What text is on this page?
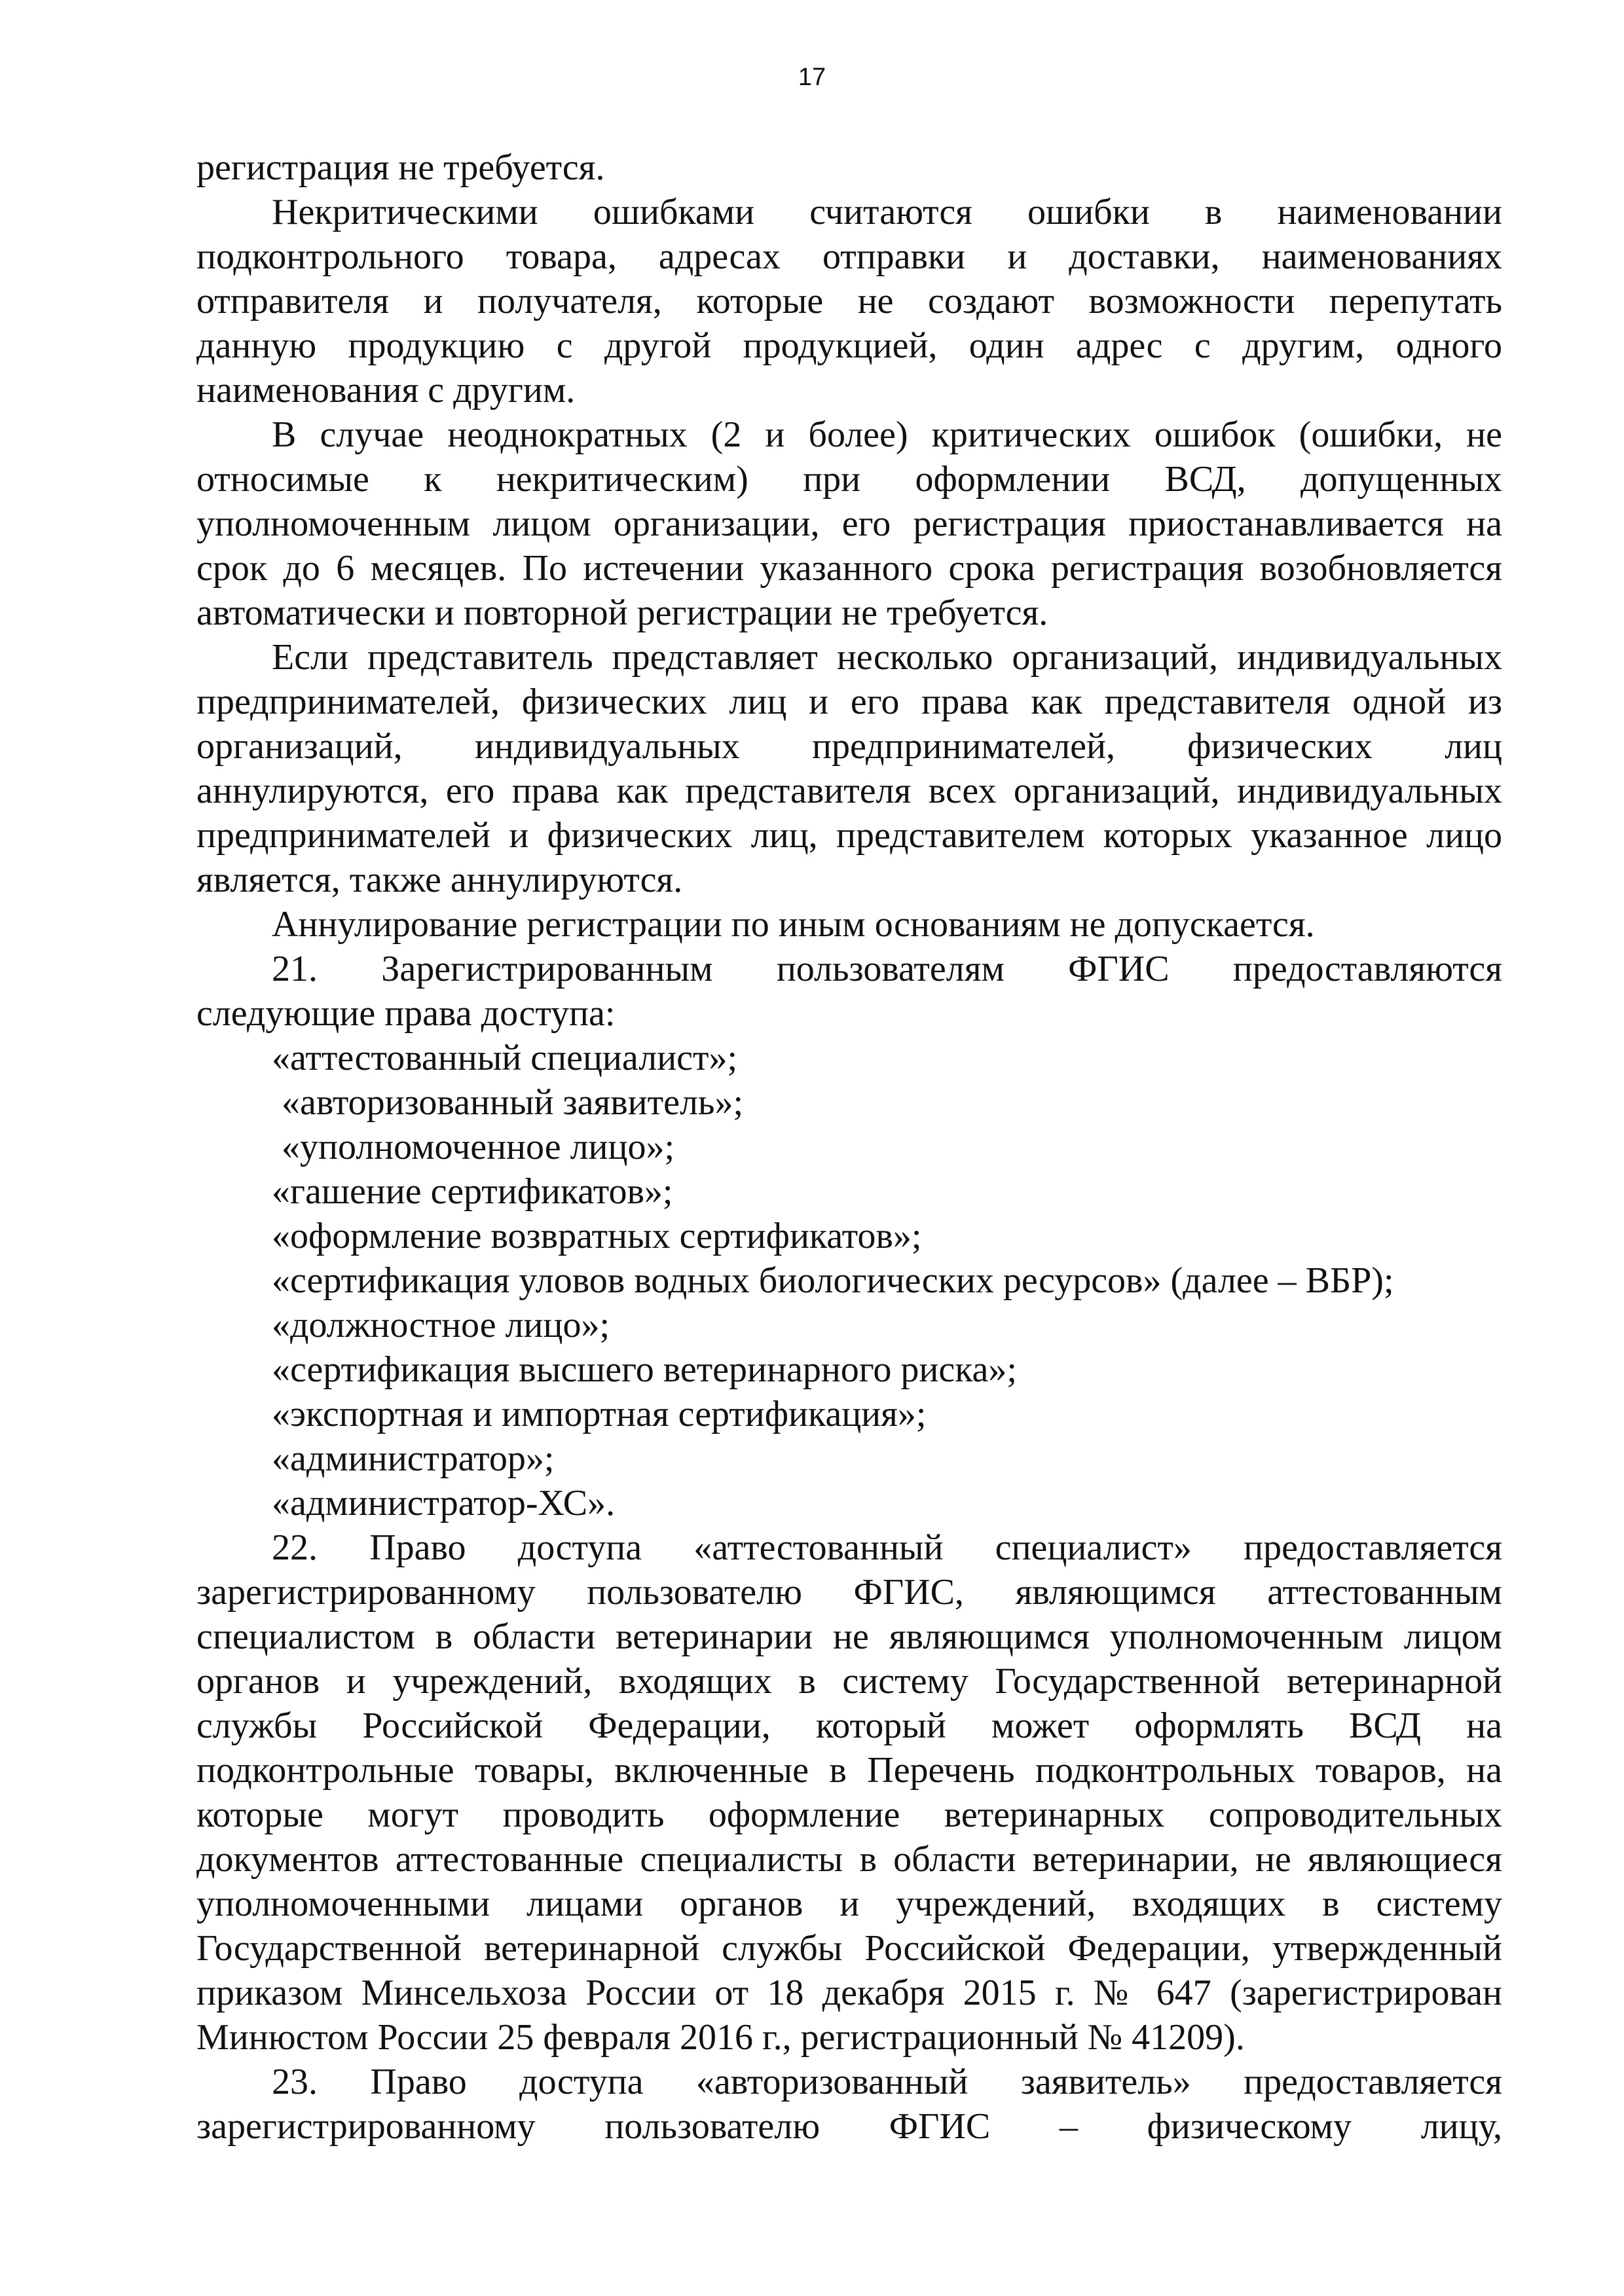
17

регистрация не требуется.

Некритическими ошибками считаются ошибки в наименовании

подконтрольного товара, адресах отправки и доставки, наименованиях

отправителя и получателя, которые не создают возможности перепутать

данную продукцию с другой продукцией, один адрес с другим, одного

наименования с другим.

В случае неоднократных (2 и более) критических ошибок (ошибки, не

относимые к некритическим) при оформлении ВСД, допущенных

уполномоченным лицом организации, его регистрация приостанавливается на

срок до 6 месяцев. По истечении указанного срока регистрация возобновляется

автоматически и повторной регистрации не требуется.

Если представитель представляет несколько организаций, индивидуальных

предпринимателей, физических лиц и его права как представителя одной из

организаций, индивидуальных предпринимателей, физических лиц

аннулируются, его права как представителя всех организаций, индивидуальных

предпринимателей и физических лиц, представителем которых указанное лицо

является, также аннулируются.

Аннулирование регистрации по иным основаниям не допускается.

21. Зарегистрированным пользователям ФГИС предоставляются

следующие права доступа:

«аттестованный специалист»;

«авторизованный заявитель»;

«уполномоченное лицо»;

«гашение сертификатов»;

«оформление возвратных сертификатов»;

«сертификация уловов водных биологических ресурсов» (далее – ВБР);

«должностное лицо»;

«сертификация высшего ветеринарного риска»;

«экспортная и импортная сертификация»;

«администратор»;

«администратор-ХС».

22. Право доступа «аттестованный специалист» предоставляется

зарегистрированному пользователю ФГИС, являющимся аттестованным

специалистом в области ветеринарии не являющимся уполномоченным лицом

органов и учреждений, входящих в систему Государственной ветеринарной

службы Российской Федерации, который может оформлять ВСД на

подконтрольные товары, включенные в Перечень подконтрольных товаров, на

которые могут проводить оформление ветеринарных сопроводительных

документов аттестованные специалисты в области ветеринарии, не являющиеся

уполномоченными лицами органов и учреждений, входящих в систему

Государственной ветеринарной службы Российской Федерации, утвержденный

приказом Минсельхоза России от 18 декабря 2015 г. № 647 (зарегистрирован

Минюстом России 25 февраля 2016 г., регистрационный № 41209).

23. Право доступа «авторизованный заявитель» предоставляется

зарегистрированному пользователю ФГИС – физическому лицу,
